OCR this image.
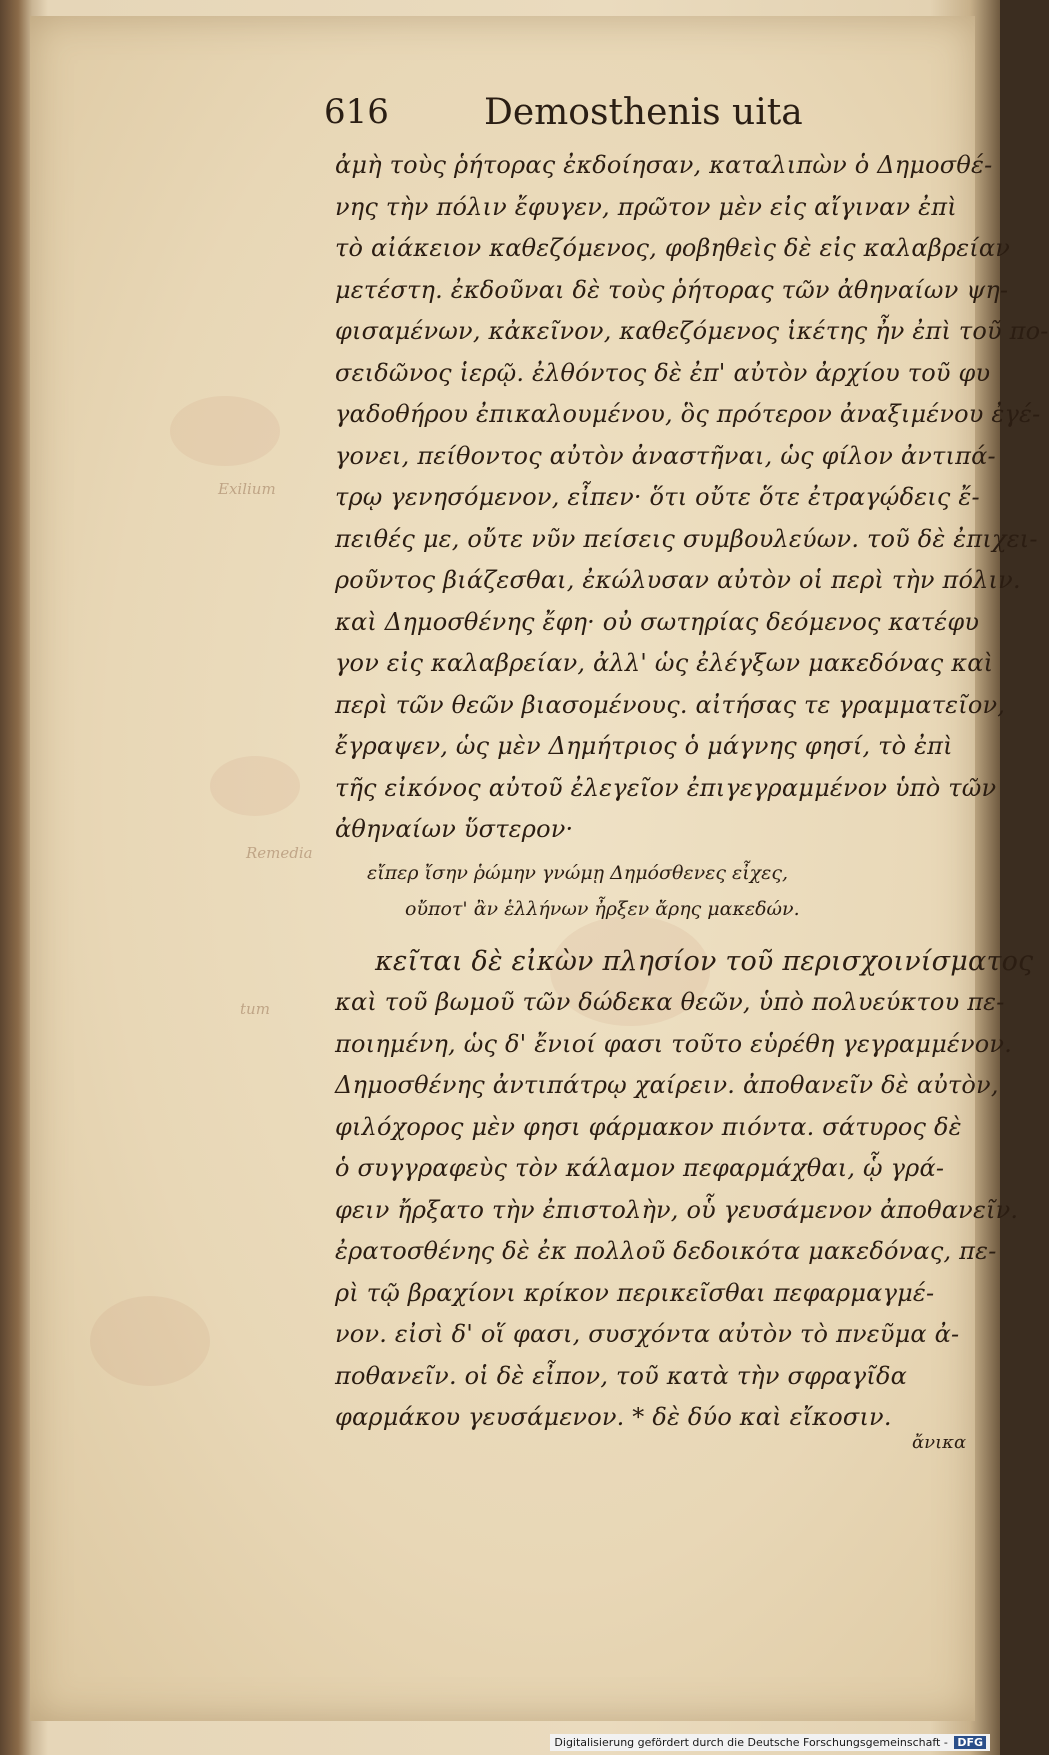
616	Demosthenis uita
Exilium
Remedia
tum
ἀμὴ τοὺς ῥήτορας ἐκδοίησαν, καταλιπὼν ὁ Δημοσθέ-
νης τὴν πόλιν ἔφυγεν, πρῶτον μὲν εἰς αἴγιναν ἐπὶ
τὸ αἰάκειον καθεζόμενος, φοβηθεὶς δὲ εἰς καλαβρείαν
μετέστη. ἐκδοῦναι δὲ τοὺς ῥήτορας τῶν ἀθηναίων ψη-
φισαμένων, κἀκεῖνον, καθεζόμενος ἱκέτης ἦν ἐπὶ τοῦ πο-
σειδῶνος ἱερῷ. ἐλθόντος δὲ ἐπ' αὐτὸν ἀρχίου τοῦ φυ
γαδοθήρου ἐπικαλουμένου, ὃς πρότερον ἀναξιμένου ἐγέ-
γονει, πείθοντος αὐτὸν ἀναστῆναι, ὡς φίλον ἀντιπά-
τρῳ γενησόμενον, εἶπεν· ὅτι οὔτε ὅτε ἐτραγῴδεις ἔ-
πειθές με, οὔτε νῦν πείσεις συμβουλεύων. τοῦ δὲ ἐπιχει-
ροῦντος βιάζεσθαι, ἐκώλυσαν αὐτὸν οἱ περὶ τὴν πόλιν.
καὶ Δημοσθένης ἔφη· οὐ σωτηρίας δεόμενος κατέφυ
γον εἰς καλαβρείαν, ἀλλ' ὡς ἐλέγξων μακεδόνας καὶ
περὶ τῶν θεῶν βιασομένους. αἰτήσας τε γραμματεῖον,
ἔγραψεν, ὡς μὲν Δημήτριος ὁ μάγνης φησί, τὸ ἐπὶ
τῆς εἰκόνος αὐτοῦ ἐλεγεῖον ἐπιγεγραμμένον ὑπὸ τῶν
ἀθηναίων ὕστερον·
εἴπερ ἴσην ῥώμην γνώμῃ Δημόσθενες εἶχες,
οὔποτ' ἂν ἑλλήνων ἦρξεν ἄρης μακεδών.
κεῖται δὲ εἰκὼν πλησίον τοῦ περισχοινίσματος
καὶ τοῦ βωμοῦ τῶν δώδεκα θεῶν, ὑπὸ πολυεύκτου πε-
ποιημένη, ὡς δ' ἔνιοί φασι τοῦτο εὑρέθη γεγραμμένον.
Δημοσθένης ἀντιπάτρῳ χαίρειν. ἀποθανεῖν δὲ αὐτὸν,
φιλόχορος μὲν φησι φάρμακον πιόντα. σάτυρος δὲ
ὁ συγγραφεὺς τὸν κάλαμον πεφαρμάχθαι, ᾧ γρά-
φειν ἤρξατο τὴν ἐπιστολὴν, οὗ γευσάμενον ἀποθανεῖν.
ἐρατοσθένης δὲ ἐκ πολλοῦ δεδοικότα μακεδόνας, πε-
ρὶ τῷ βραχίονι κρίκον περικεῖσθαι πεφαρμαγμέ-
νον. εἰσὶ δ' οἵ φασι, συσχόντα αὐτὸν τὸ πνεῦμα ἀ-
ποθανεῖν. οἱ δὲ εἶπον, τοῦ κατὰ τὴν σφραγῖδα
φαρμάκου γευσάμενον. * δὲ δύο καὶ εἴκοσιν.
ἄνικα
Digitalisierung gefördert durch die Deutsche Forschungsgemeinschaft - DFG
